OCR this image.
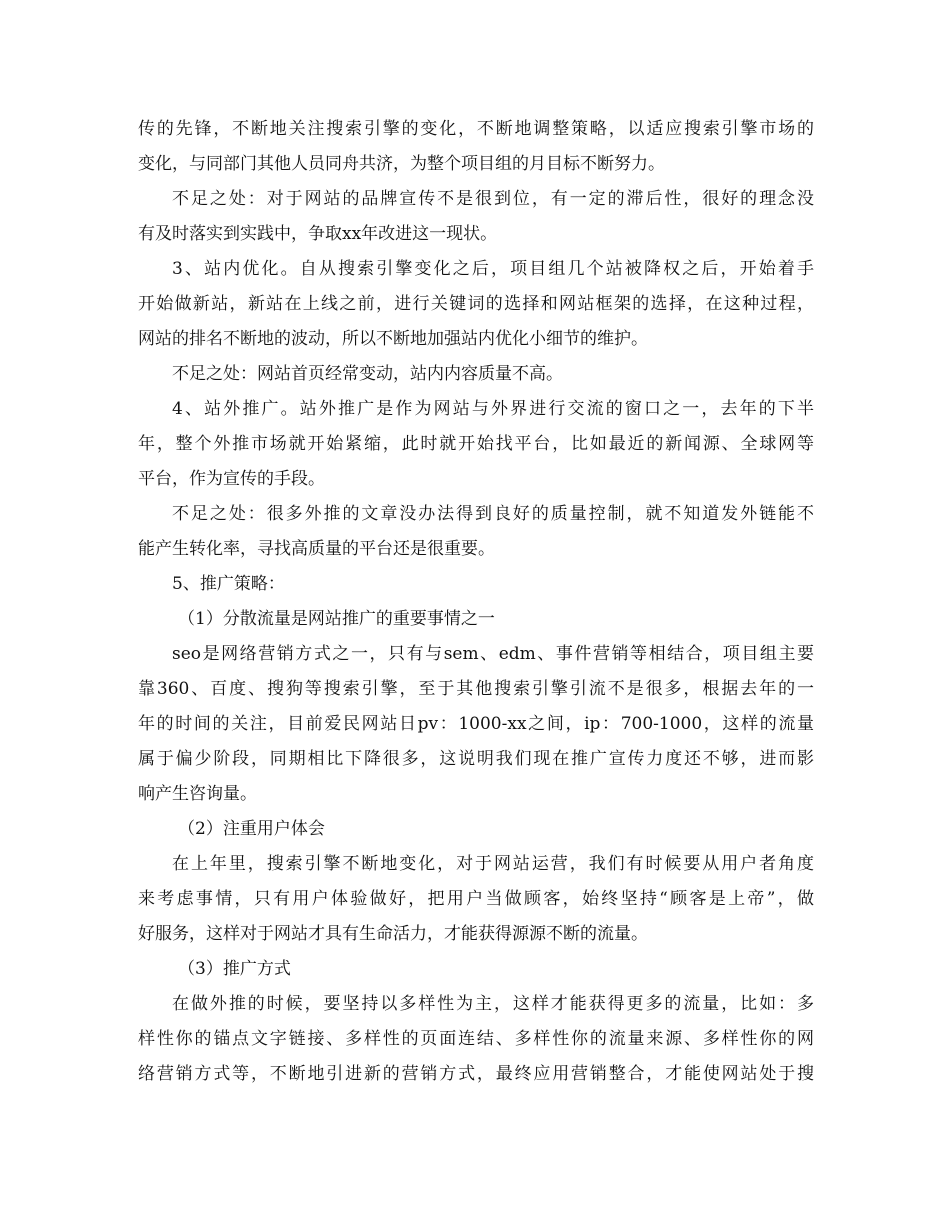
传的先锋，不断地关注搜索引擎的变化，不断地调整策略，以适应搜索引擎市场的
变化，与同部门其他人员同舟共济，为整个项目组的月目标不断努力。
不足之处：对于网站的品牌宣传不是很到位，有一定的滞后性，很好的理念没
有及时落实到实践中，争取xx年改进这一现状。
3、站内优化。自从搜索引擎变化之后，项目组几个站被降权之后，开始着手
开始做新站，新站在上线之前，进行关键词的选择和网站框架的选择，在这种过程，
网站的排名不断地的波动，所以不断地加强站内优化小细节的维护。
不足之处：网站首页经常变动，站内内容质量不高。
4、站外推广。站外推广是作为网站与外界进行交流的窗口之一，去年的下半
年，整个外推市场就开始紧缩，此时就开始找平台，比如最近的新闻源、全球网等
平台，作为宣传的手段。
不足之处：很多外推的文章没办法得到良好的质量控制，就不知道发外链能不
能产生转化率，寻找高质量的平台还是很重要。
5、推广策略：
（1）分散流量是网站推广的重要事情之一
seo是网络营销方式之一，只有与sem、edm、事件营销等相结合，项目组主要
靠360、百度、搜狗等搜索引擎，至于其他搜索引擎引流不是很多，根据去年的一
年的时间的关注，目前爱民网站日pv：1000-xx之间，ip：700-1000，这样的流量
属于偏少阶段，同期相比下降很多，这说明我们现在推广宣传力度还不够，进而影
响产生咨询量。
（2）注重用户体会
在上年里，搜索引擎不断地变化，对于网站运营，我们有时候要从用户者角度
来考虑事情，只有用户体验做好，把用户当做顾客，始终坚持“顾客是上帝”，做
好服务，这样对于网站才具有生命活力，才能获得源源不断的流量。
（3）推广方式
在做外推的时候，要坚持以多样性为主，这样才能获得更多的流量，比如：多
样性你的锚点文字链接、多样性的页面连结、多样性你的流量来源、多样性你的网
络营销方式等，不断地引进新的营销方式，最终应用营销整合，才能使网站处于搜
